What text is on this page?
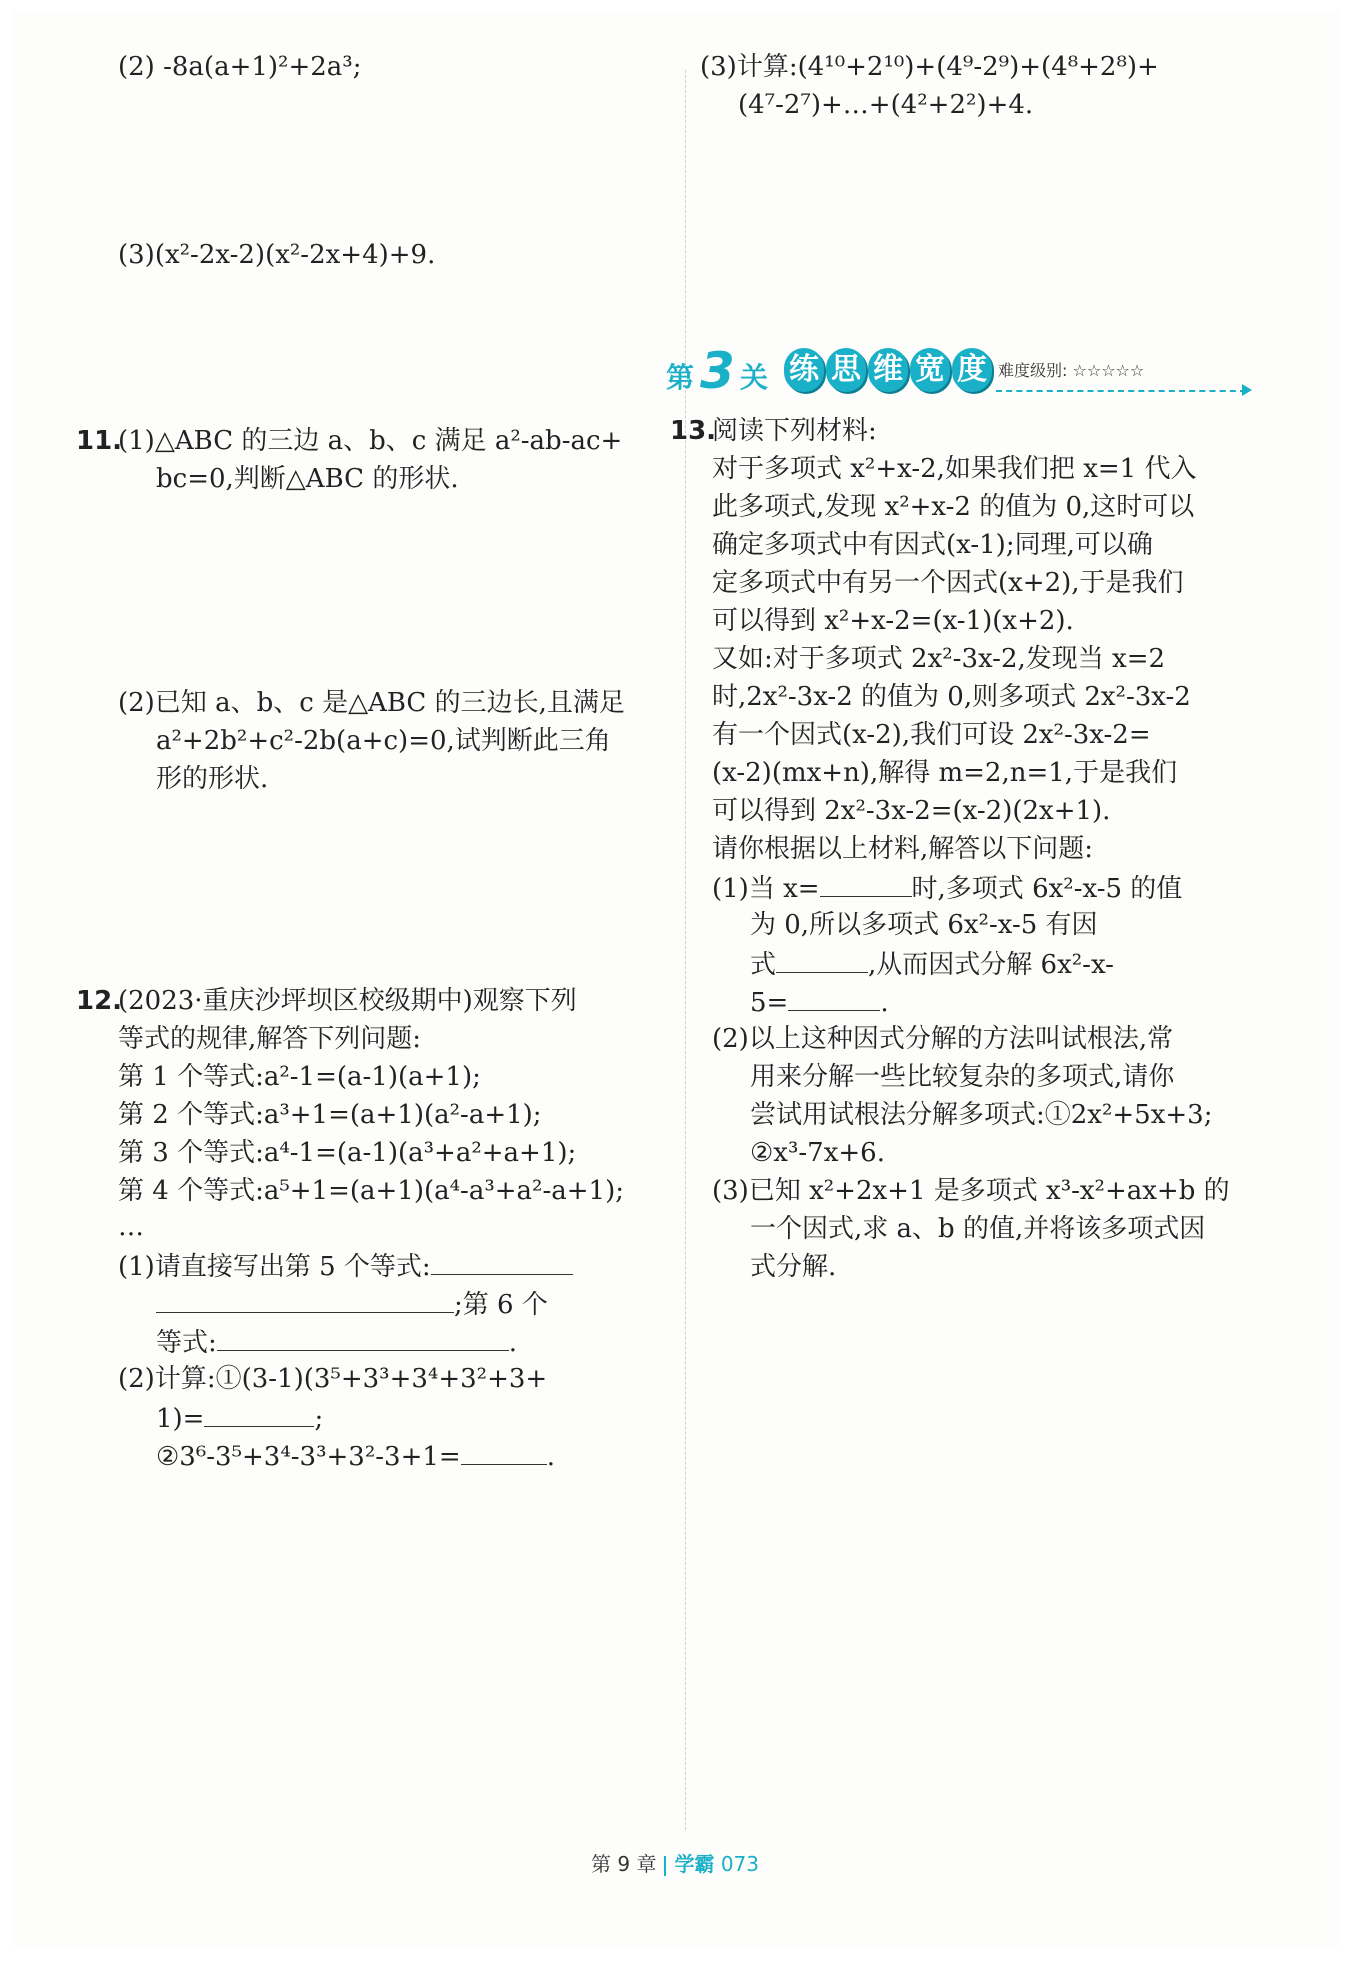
(2) -8a(a+1)²+2a³;
(3)(x²-2x-2)(x²-2x+4)+9.
11.
(1)△ABC 的三边 a、b、c 满足 a²-ab-ac+
bc=0,判断△ABC 的形状.
(2)已知 a、b、c 是△ABC 的三边长,且满足
a²+2b²+c²-2b(a+c)=0,试判断此三角
形的形状.
12.
(2023·重庆沙坪坝区校级期中)观察下列
等式的规律,解答下列问题:
第 1 个等式:a²-1=(a-1)(a+1);
第 2 个等式:a³+1=(a+1)(a²-a+1);
第 3 个等式:a⁴-1=(a-1)(a³+a²+a+1);
第 4 个等式:a⁵+1=(a+1)(a⁴-a³+a²-a+1);
…
(1)请直接写出第 5 个等式:
;第 6 个
等式:	.
(2)计算:①(3-1)(3⁵+3³+3⁴+3²+3+
1)=	;
②3⁶-3⁵+3⁴-3³+3²-3+1=	.
(3)计算:(4¹⁰+2¹⁰)+(4⁹-2⁹)+(4⁸+2⁸)+
(4⁷-2⁷)+…+(4²+2²)+4.
第 3 关 练 思 维 宽 度 难度级别: ☆☆☆☆☆
13.
阅读下列材料:
对于多项式 x²+x-2,如果我们把 x=1 代入
此多项式,发现 x²+x-2 的值为 0,这时可以
确定多项式中有因式(x-1);同理,可以确
定多项式中有另一个因式(x+2),于是我们
可以得到 x²+x-2=(x-1)(x+2).
又如:对于多项式 2x²-3x-2,发现当 x=2
时,2x²-3x-2 的值为 0,则多项式 2x²-3x-2
有一个因式(x-2),我们可设 2x²-3x-2=
(x-2)(mx+n),解得 m=2,n=1,于是我们
可以得到 2x²-3x-2=(x-2)(2x+1).
请你根据以上材料,解答以下问题:
(1)当 x=	时,多项式 6x²-x-5 的值
为 0,所以多项式 6x²-x-5 有因
式	,从而因式分解 6x²-x-
5=	.
(2)以上这种因式分解的方法叫试根法,常
用来分解一些比较复杂的多项式,请你
尝试用试根法分解多项式:①2x²+5x+3;
②x³-7x+6.
(3)已知 x²+2x+1 是多项式 x³-x²+ax+b 的
一个因式,求 a、b 的值,并将该多项式因
式分解.
第 9 章 学霸 073
